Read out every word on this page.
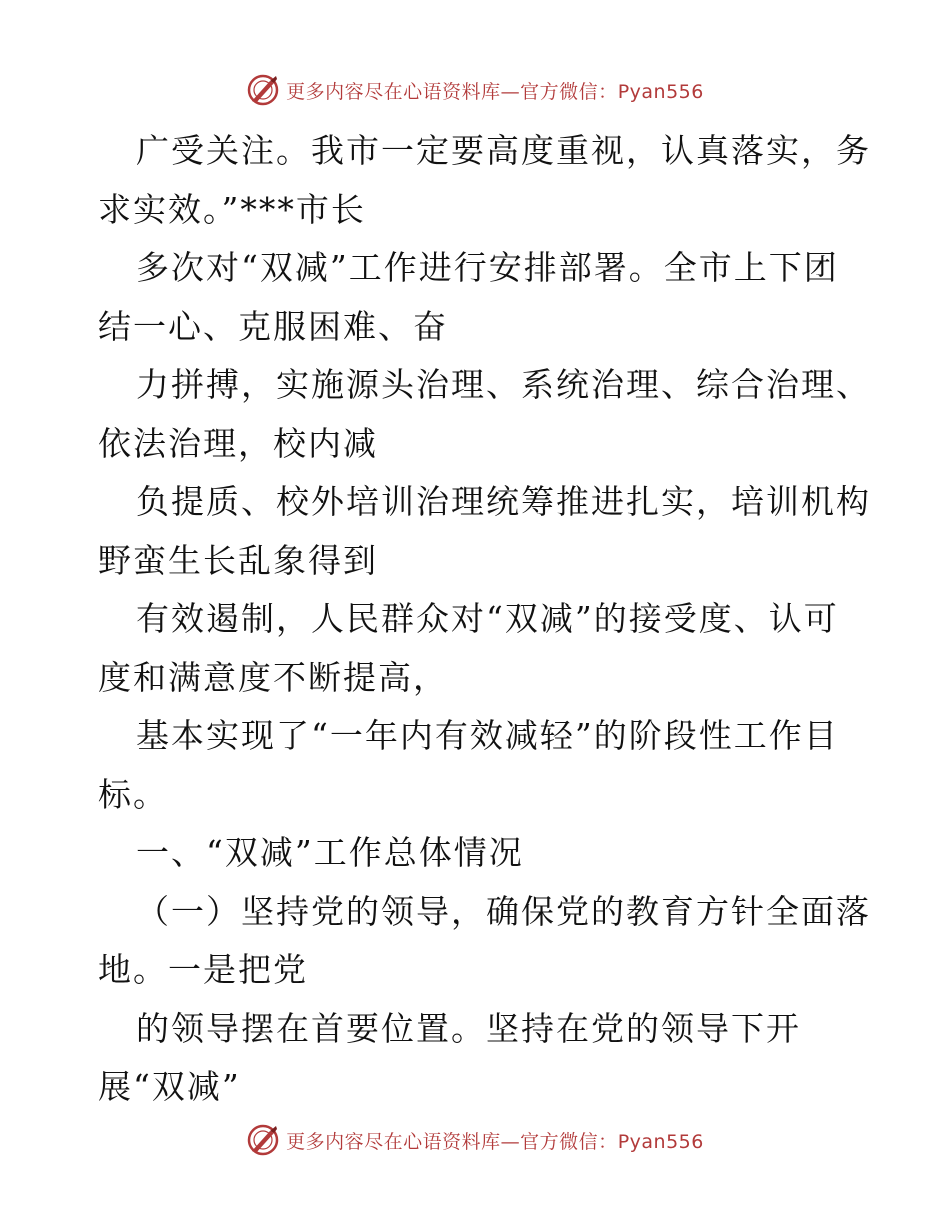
更多内容尽在心语资料库—官方微信：Pyan556
广受关注。我市一定要高度重视，认真落实，务
求实效。”***市长
多次对“双减”工作进行安排部署。全市上下团
结一心、克服困难、奋
力拼搏，实施源头治理、系统治理、综合治理、
依法治理，校内减
负提质、校外培训治理统筹推进扎实，培训机构
野蛮生长乱象得到
有效遏制，人民群众对“双减”的接受度、认可
度和满意度不断提高，
基本实现了“一年内有效减轻”的阶段性工作目
标。
一、“双减”工作总体情况
（一）坚持党的领导，确保党的教育方针全面落
地。一是把党
的领导摆在首要位置。坚持在党的领导下开
展“双减”
更多内容尽在心语资料库—官方微信：Pyan556
